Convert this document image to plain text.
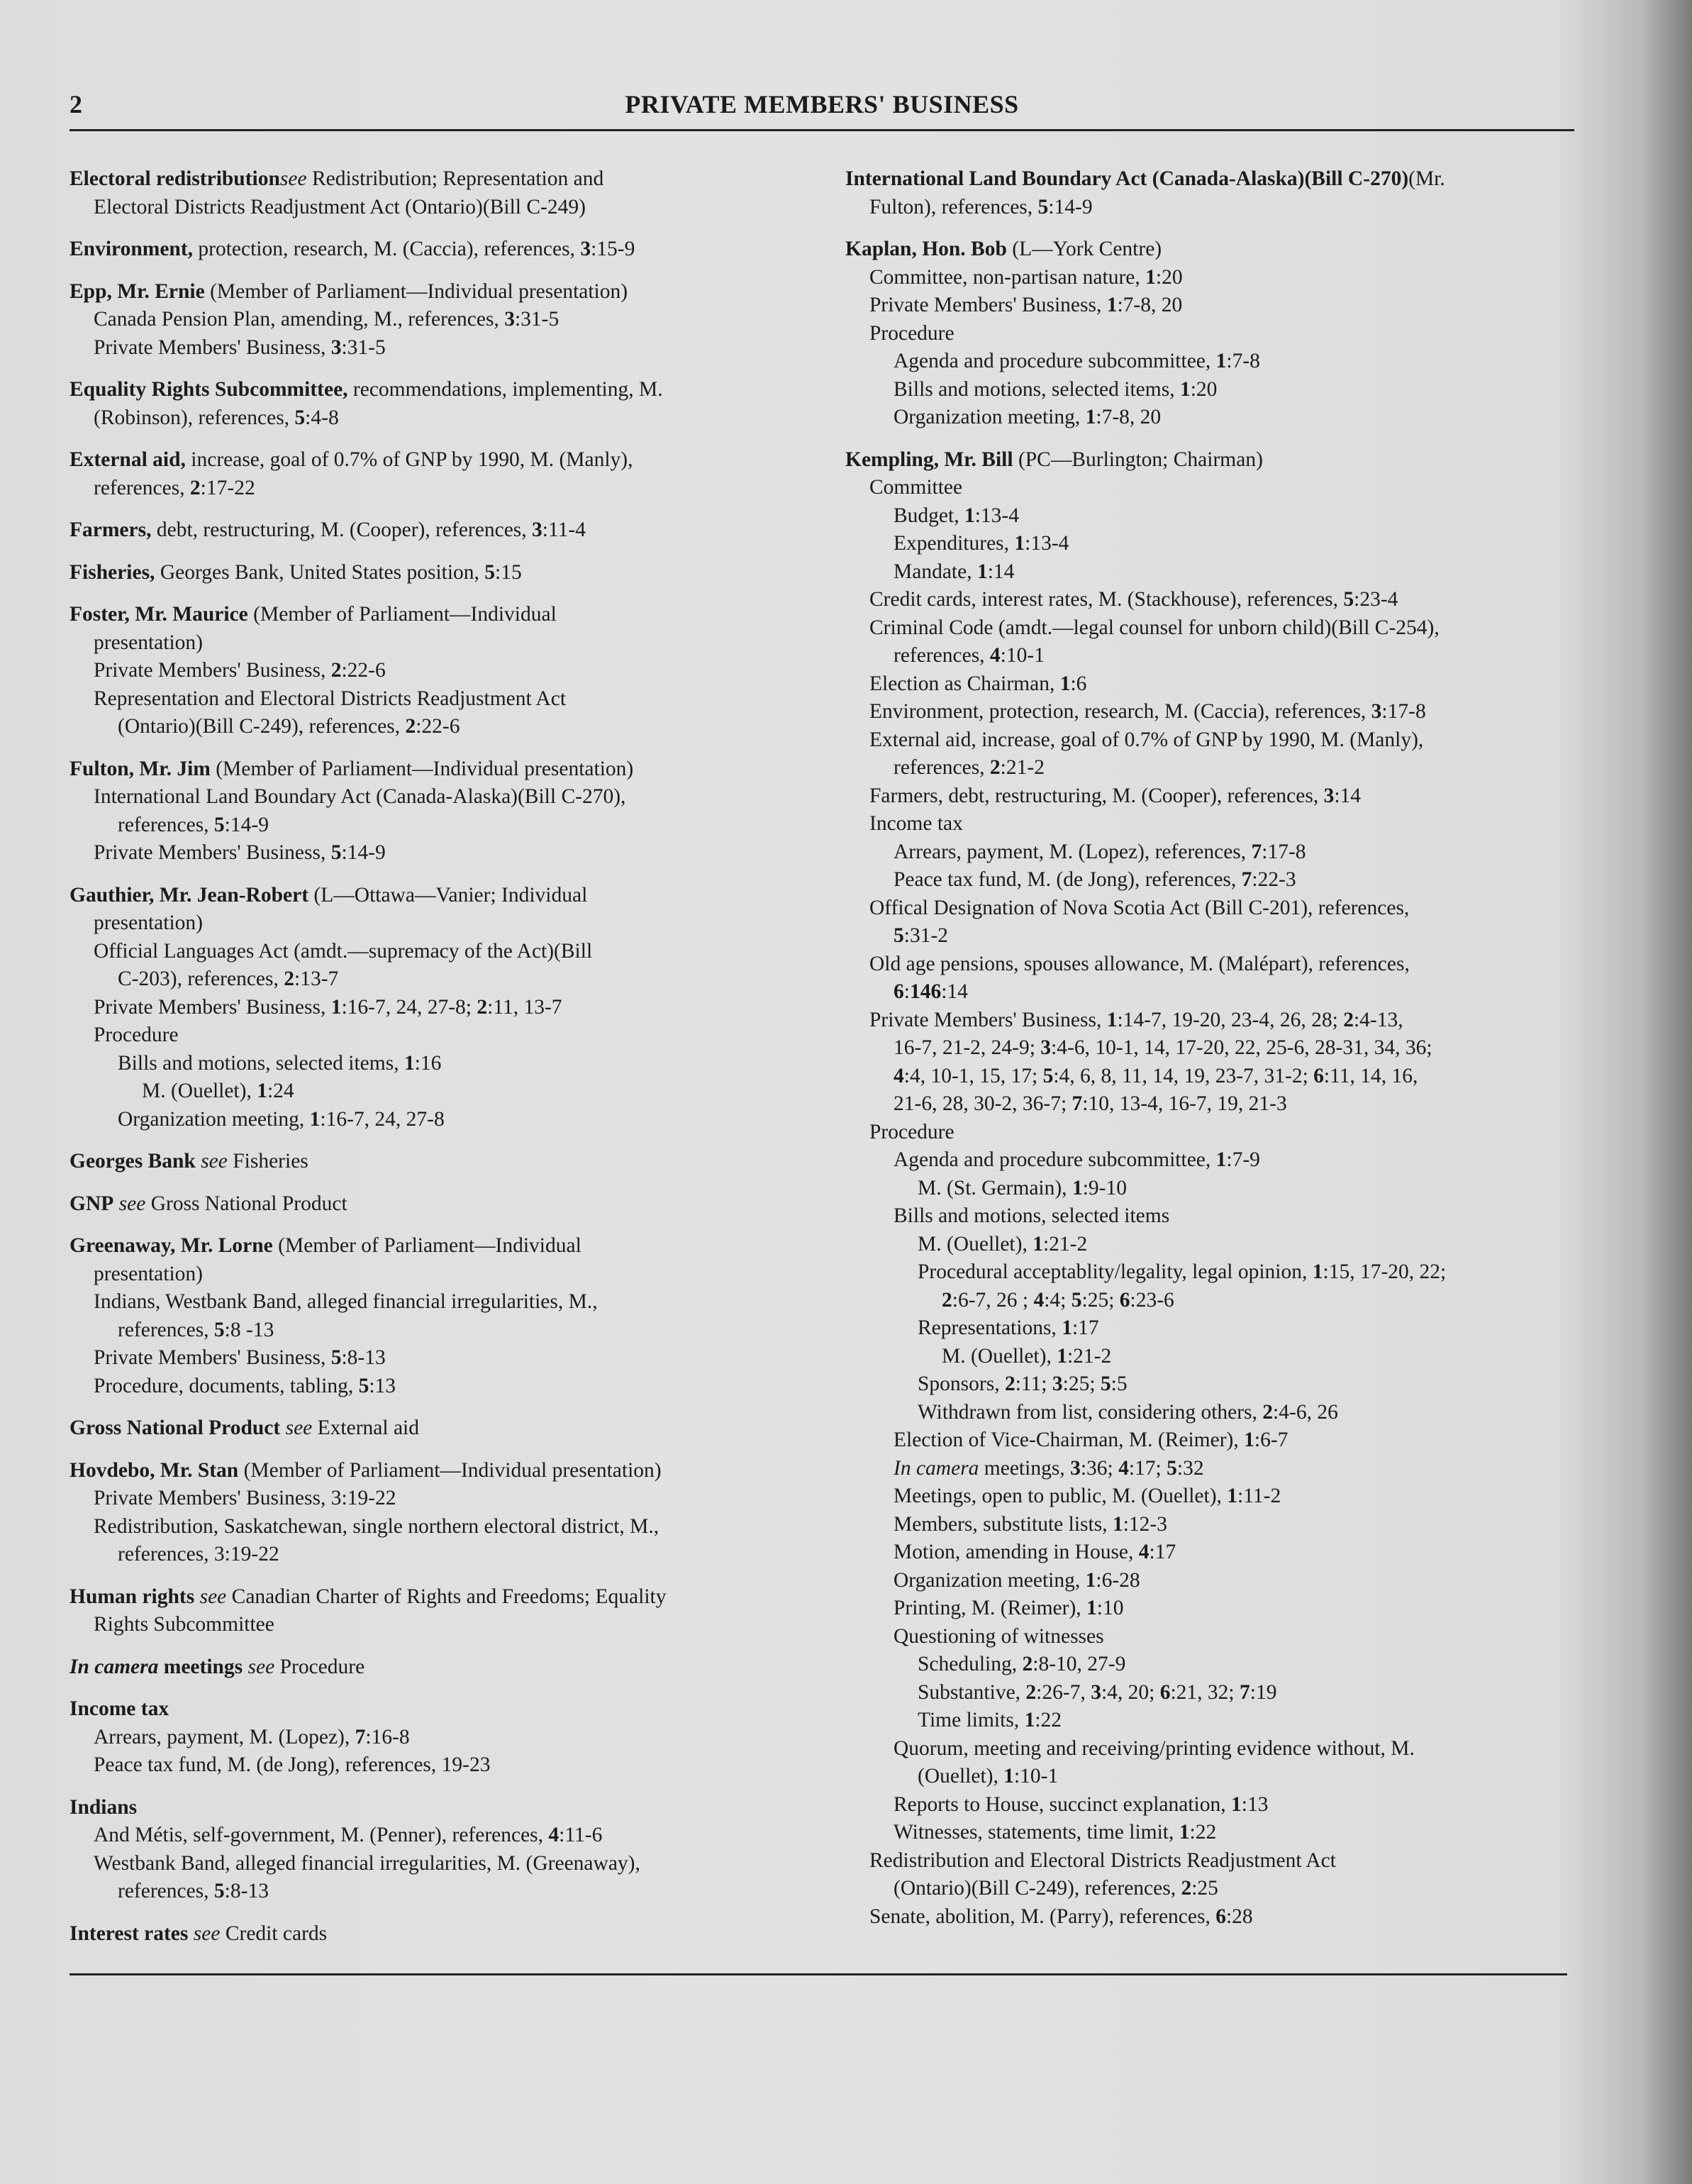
2	PRIVATE MEMBERS' BUSINESS
Electoral redistributionsee Redistribution; Representation and
Electoral Districts Readjustment Act (Ontario)(Bill C-249)
Environment, protection, research, M. (Caccia), references, 3:15-9
Epp, Mr. Ernie (Member of Parliament—Individual presentation)
Canada Pension Plan, amending, M., references, 3:31-5
Private Members' Business, 3:31-5
Equality Rights Subcommittee, recommendations, implementing, M.
(Robinson), references, 5:4-8
External aid, increase, goal of 0.7% of GNP by 1990, M. (Manly),
references, 2:17-22
Farmers, debt, restructuring, M. (Cooper), references, 3:11-4
Fisheries, Georges Bank, United States position, 5:15
Foster, Mr. Maurice (Member of Parliament—Individual
presentation)
Private Members' Business, 2:22-6
Representation and Electoral Districts Readjustment Act
(Ontario)(Bill C-249), references, 2:22-6
Fulton, Mr. Jim (Member of Parliament—Individual presentation)
International Land Boundary Act (Canada-Alaska)(Bill C-270),
references, 5:14-9
Private Members' Business, 5:14-9
Gauthier, Mr. Jean-Robert (L—Ottawa—Vanier; Individual
presentation)
Official Languages Act (amdt.—supremacy of the Act)(Bill
C-203), references, 2:13-7
Private Members' Business, 1:16-7, 24, 27-8; 2:11, 13-7
Procedure
Bills and motions, selected items, 1:16
M. (Ouellet), 1:24
Organization meeting, 1:16-7, 24, 27-8
Georges Bank see Fisheries
GNP see Gross National Product
Greenaway, Mr. Lorne (Member of Parliament—Individual
presentation)
Indians, Westbank Band, alleged financial irregularities, M.,
references, 5:8 -13
Private Members' Business, 5:8-13
Procedure, documents, tabling, 5:13
Gross National Product see External aid
Hovdebo, Mr. Stan (Member of Parliament—Individual presentation)
Private Members' Business, 3:19-22
Redistribution, Saskatchewan, single northern electoral district, M.,
references, 3:19-22
Human rights see Canadian Charter of Rights and Freedoms; Equality
Rights Subcommittee
In camera meetings see Procedure
Income tax
Arrears, payment, M. (Lopez), 7:16-8
Peace tax fund, M. (de Jong), references, 19-23
Indians
And Métis, self-government, M. (Penner), references, 4:11-6
Westbank Band, alleged financial irregularities, M. (Greenaway),
references, 5:8-13
Interest rates see Credit cards
International Land Boundary Act (Canada-Alaska)(Bill C-270)(Mr.
Fulton), references, 5:14-9
Kaplan, Hon. Bob (L—York Centre)
Committee, non-partisan nature, 1:20
Private Members' Business, 1:7-8, 20
Procedure
Agenda and procedure subcommittee, 1:7-8
Bills and motions, selected items, 1:20
Organization meeting, 1:7-8, 20
Kempling, Mr. Bill (PC—Burlington; Chairman)
Committee
Budget, 1:13-4
Expenditures, 1:13-4
Mandate, 1:14
Credit cards, interest rates, M. (Stackhouse), references, 5:23-4
Criminal Code (amdt.—legal counsel for unborn child)(Bill C-254),
references, 4:10-1
Election as Chairman, 1:6
Environment, protection, research, M. (Caccia), references, 3:17-8
External aid, increase, goal of 0.7% of GNP by 1990, M. (Manly),
references, 2:21-2
Farmers, debt, restructuring, M. (Cooper), references, 3:14
Income tax
Arrears, payment, M. (Lopez), references, 7:17-8
Peace tax fund, M. (de Jong), references, 7:22-3
Offical Designation of Nova Scotia Act (Bill C-201), references,
5:31-2
Old age pensions, spouses allowance, M. (Malépart), references,
6:146:14
Private Members' Business, 1:14-7, 19-20, 23-4, 26, 28; 2:4-13,
16-7, 21-2, 24-9; 3:4-6, 10-1, 14, 17-20, 22, 25-6, 28-31, 34, 36;
4:4, 10-1, 15, 17; 5:4, 6, 8, 11, 14, 19, 23-7, 31-2; 6:11, 14, 16,
21-6, 28, 30-2, 36-7; 7:10, 13-4, 16-7, 19, 21-3
Procedure
Agenda and procedure subcommittee, 1:7-9
M. (St. Germain), 1:9-10
Bills and motions, selected items
M. (Ouellet), 1:21-2
Procedural acceptablity/legality, legal opinion, 1:15, 17-20, 22;
2:6-7, 26 ; 4:4; 5:25; 6:23-6
Representations, 1:17
M. (Ouellet), 1:21-2
Sponsors, 2:11; 3:25; 5:5
Withdrawn from list, considering others, 2:4-6, 26
Election of Vice-Chairman, M. (Reimer), 1:6-7
In camera meetings, 3:36; 4:17; 5:32
Meetings, open to public, M. (Ouellet), 1:11-2
Members, substitute lists, 1:12-3
Motion, amending in House, 4:17
Organization meeting, 1:6-28
Printing, M. (Reimer), 1:10
Questioning of witnesses
Scheduling, 2:8-10, 27-9
Substantive, 2:26-7, 3:4, 20; 6:21, 32; 7:19
Time limits, 1:22
Quorum, meeting and receiving/printing evidence without, M.
(Ouellet), 1:10-1
Reports to House, succinct explanation, 1:13
Witnesses, statements, time limit, 1:22
Redistribution and Electoral Districts Readjustment Act
(Ontario)(Bill C-249), references, 2:25
Senate, abolition, M. (Parry), references, 6:28
